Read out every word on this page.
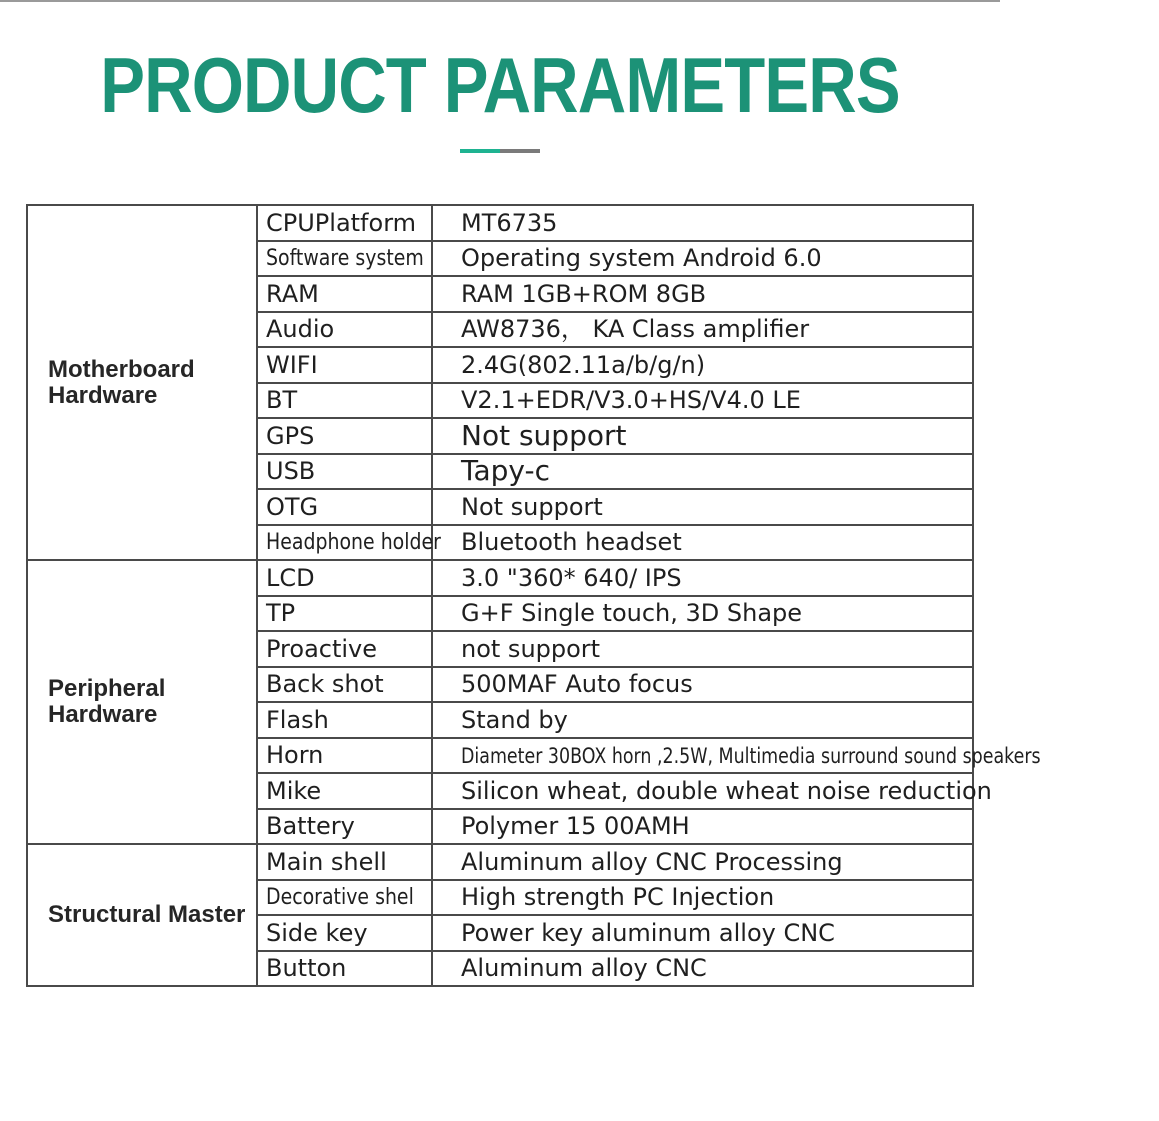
PRODUCT PARAMETERS
Motherboard Hardware	CPUPlatform	MT6735
	Software system	Operating system Android 6.0
	RAM	RAM 1GB+ROM 8GB
	Audio	AW8736， KA Class amplifier
	WIFI	2.4G(802.11a/b/g/n)
	BT	V2.1+EDR/V3.0+HS/V4.0 LE
	GPS	Not support
	USB	Tapy-c
	OTG	Not support
	Headphone holder	Bluetooth headset
Peripheral Hardware	LCD	3.0 "360* 640/ IPS
	TP	G+F Single touch, 3D Shape
	Proactive	not support
	Back shot	500MAF Auto focus
	Flash	Stand by
	Horn	Diameter 30BOX horn ,2.5W, Multimedia surround sound speakers
	Mike	Silicon wheat, double wheat noise reduction
	Battery	Polymer 15 00AMH
Structural Master	Main shell	Aluminum alloy CNC Processing
	Decorative shel	High strength PC Injection
	Side key	Power key aluminum alloy CNC
	Button	Aluminum alloy CNC
